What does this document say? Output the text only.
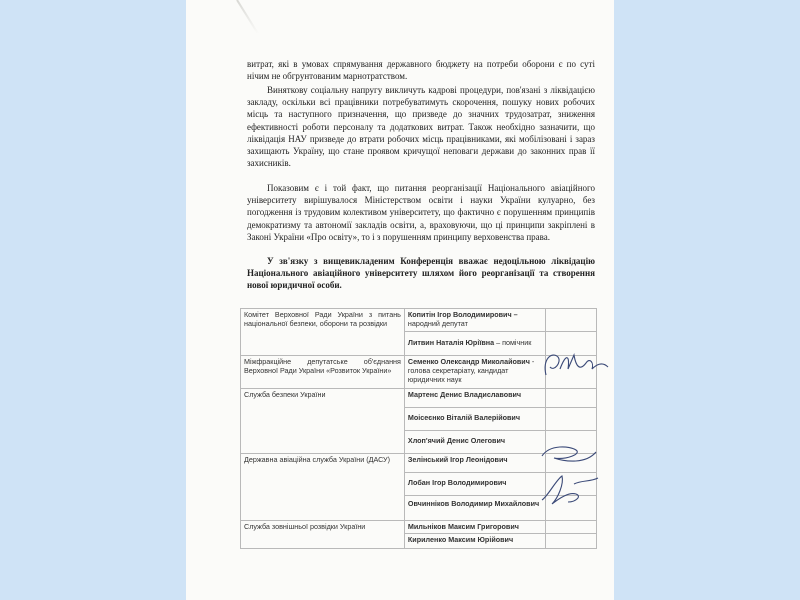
витрат, які в умовах спрямування державного бюджету на потреби оборони є по суті нічим не обгрунтованим марнотратством.

Виняткову соціальну напругу викличуть кадрові процедури, пов'язані з ліквідацією закладу, оскільки всі працівники потребуватимуть скорочення, пошуку нових робочих місць та наступного призначення, що призведе до значних трудозатрат, зниження ефективності роботи персоналу та додаткових витрат. Також необхідно зазначити, що ліквідація НАУ призведе до втрати робочих місць працівниками, які мобілізовані і зараз захищають Україну, що стане проявом кричущої неповаги держави до законних прав її захисників.

Показовим є і той факт, що питання реорганізації Національного авіаційного університету вирішувалося Міністерством освіти і науки України кулуарно, без погодження із трудовим колективом університету, що фактично є порушенням принципів демократизму та автономії закладів освіти, а, враховуючи, що ці принципи закріплені в Законі України «Про освіту», то і з порушенням принципу верховенства права.

У зв'язку з вищевикладеним Конференція вважає недоцільною ліквідацію Національного авіаційного університету шляхом його реорганізації та створення нової юридичної особи.

Комітет Верховної Ради України з питань національної безпеки, оборони та розвідки	Копитін Ігор Володимирович –
народний депутат	
	Литвин Наталія Юріївна – помічник	
Міжфракційне депутатське об'єднання Верховної Ради України «Розвиток України»	Семенко Олександр Миколайович - голова секретаріату, кандидат юридичних наук	
Служба безпеки України	Мартенс Денис Владиславович	
	Моісеєнко Віталій Валерійович	
	Хлоп'ячий Денис Олегович	
Державна авіаційна служба України (ДАСУ)	Зелінський Ігор Леонідович	
	Лобан Ігор Володимирович	
	Овчинніков Володимир Михайлович	
Служба зовнішньої розвідки України	Мильніков Максим Григорович	
	Кириленко Максим Юрійович	
